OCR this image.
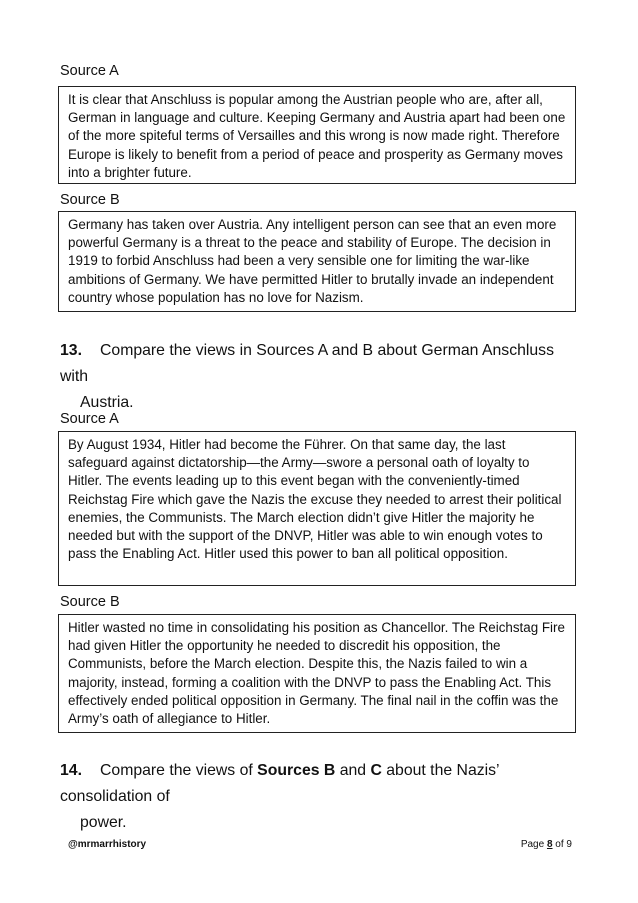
Source A

It is clear that Anschluss is popular among the Austrian people who are, after all, German in language and culture. Keeping Germany and Austria apart had been one of the more spiteful terms of Versailles and this wrong is now made right. Therefore Europe is likely to benefit from a period of peace and prosperity as Germany moves into a brighter future.

Source B

Germany has taken over Austria. Any intelligent person can see that an even more powerful Germany is a threat to the peace and stability of Europe. The decision in 1919 to forbid Anschluss had been a very sensible one for limiting the war-like ambitions of Germany. We have permitted Hitler to brutally invade an independent country whose population has no love for Nazism.

13. Compare the views in Sources A and B about German Anschluss with
Austria.
Source A

By August 1934, Hitler had become the Führer. On that same day, the last safeguard against dictatorship—the Army—swore a personal oath of loyalty to Hitler. The events leading up to this event began with the conveniently-timed Reichstag Fire which gave the Nazis the excuse they needed to arrest their political enemies, the Communists. The March election didn’t give Hitler the majority he needed but with the support of the DNVP, Hitler was able to win enough votes to pass the Enabling Act. Hitler used this power to ban all political opposition.

Source B

Hitler wasted no time in consolidating his position as Chancellor. The Reichstag Fire had given Hitler the opportunity he needed to discredit his opposition, the Communists, before the March election. Despite this, the Nazis failed to win a majority, instead, forming a coalition with the DNVP to pass the Enabling Act. This effectively ended political opposition in Germany. The final nail in the coffin was the Army’s oath of allegiance to Hitler.

14. Compare the views of Sources B and C about the Nazis’ consolidation of
power.
@mrmarrhistory	Page 8 of 9
